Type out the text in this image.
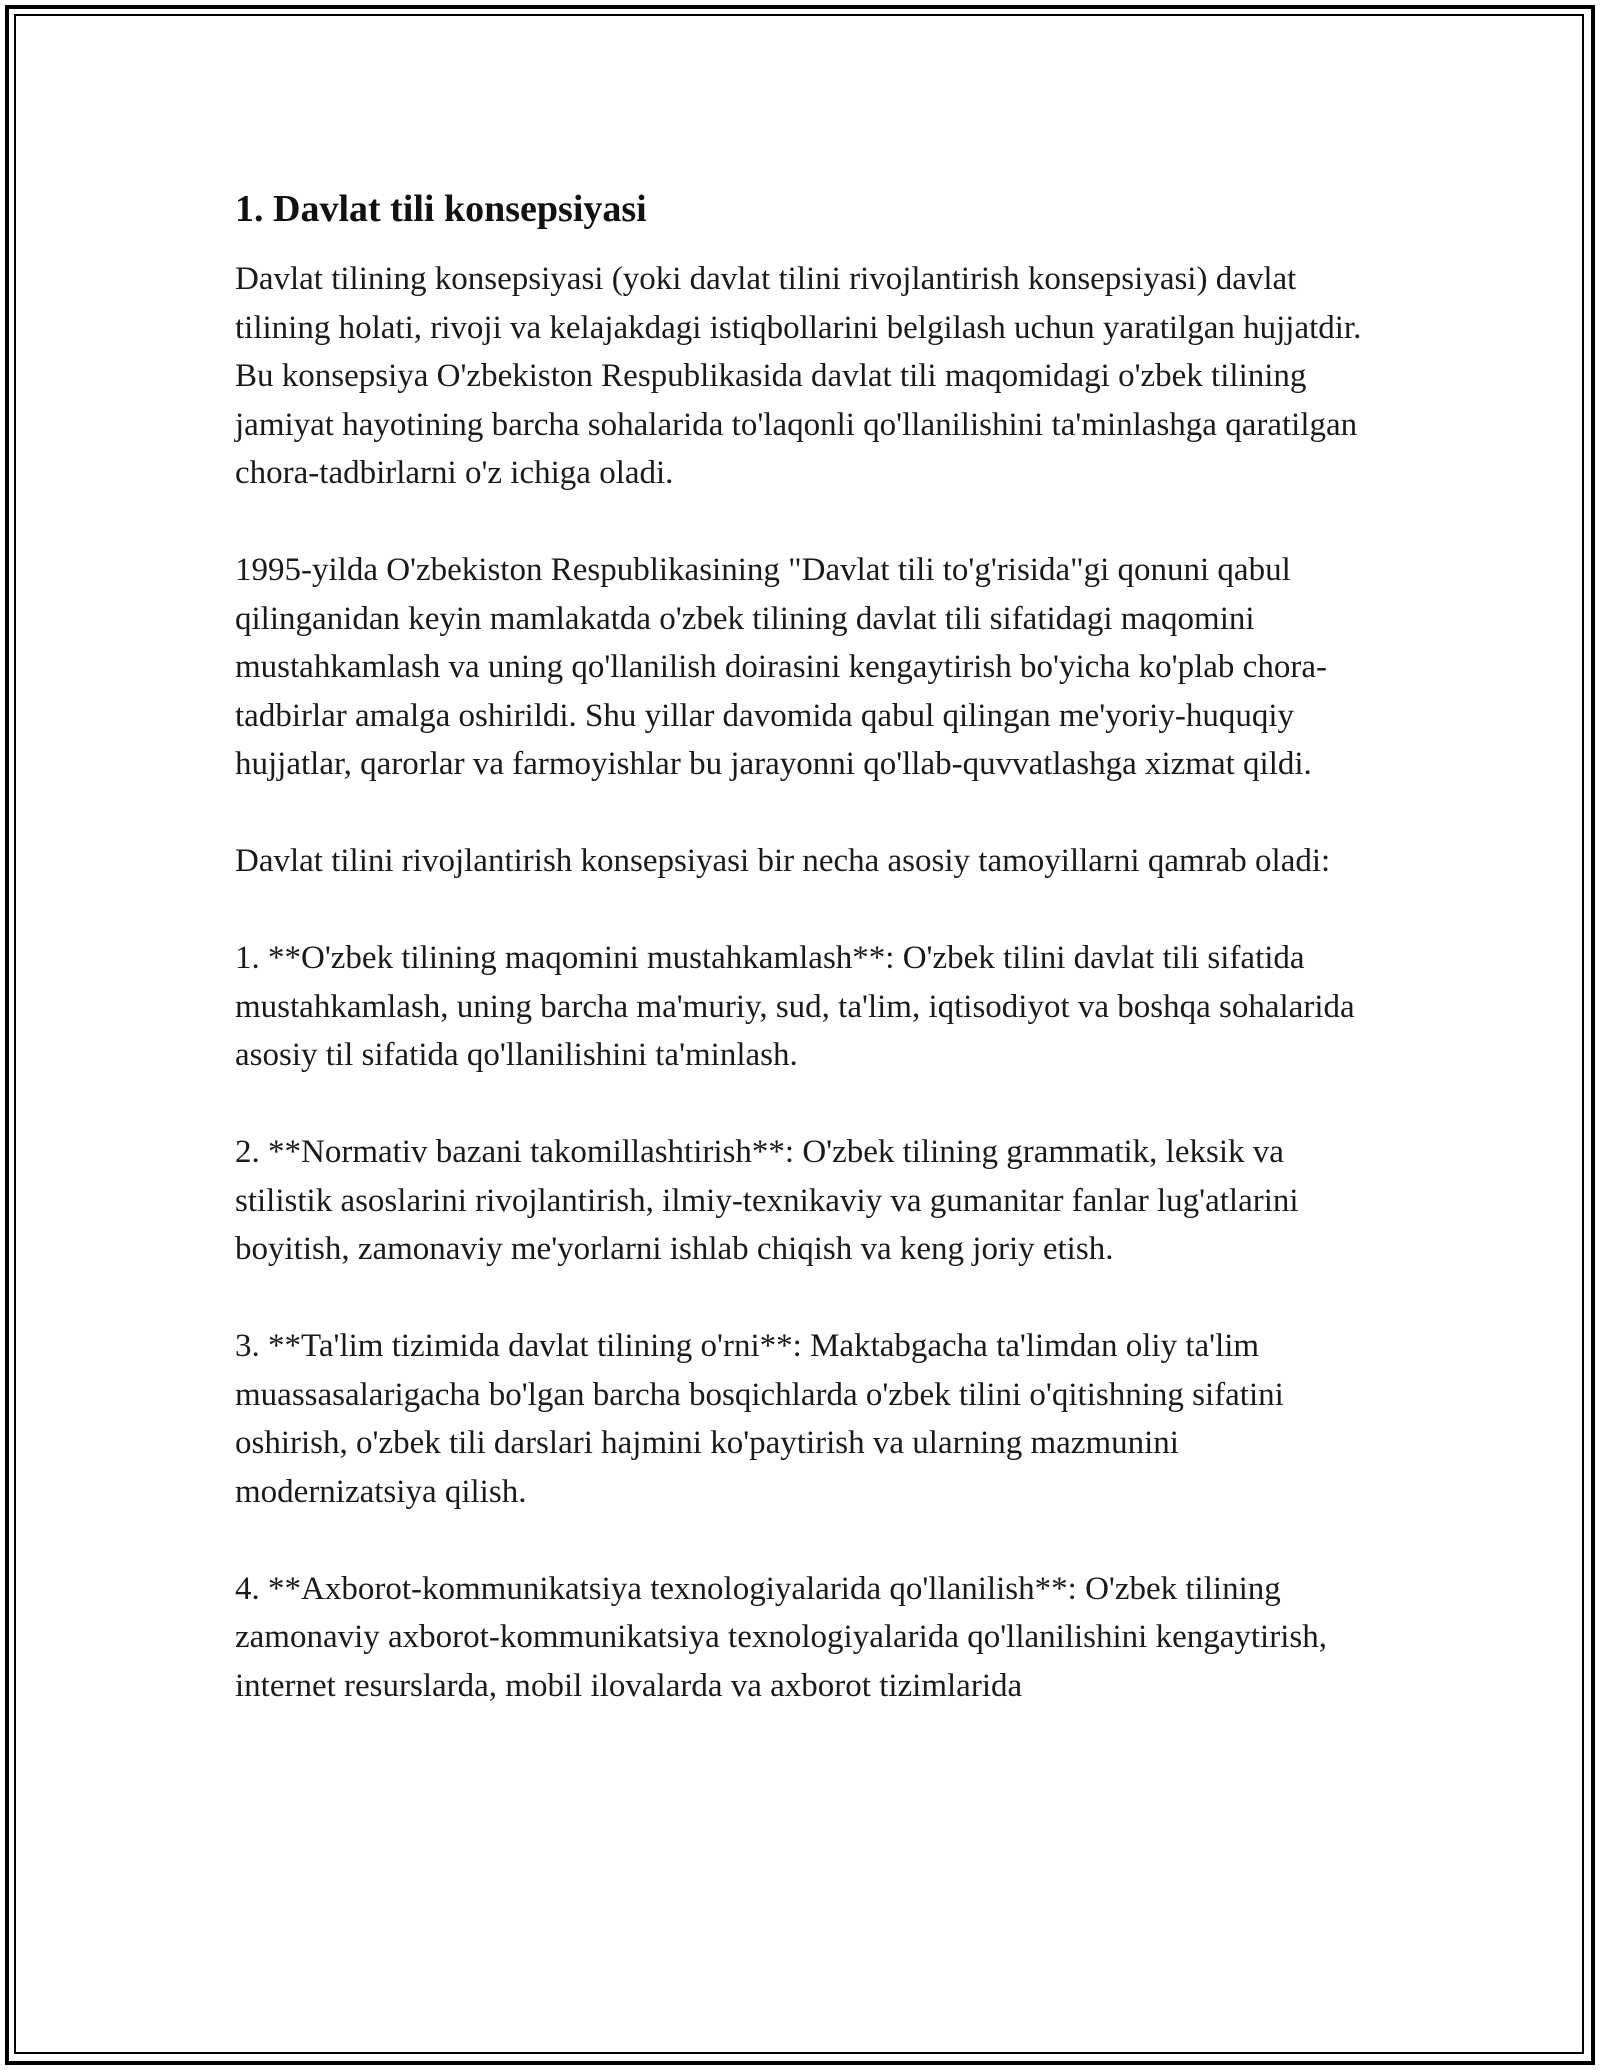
1. Davlat tili konsepsiyasi

Davlat tilining konsepsiyasi (yoki davlat tilini rivojlantirish konsepsiyasi) davlat tilining holati, rivoji va kelajakdagi istiqbollarini belgilash uchun yaratilgan hujjatdir. Bu konsepsiya O'zbekiston Respublikasida davlat tili maqomidagi o'zbek tilining jamiyat hayotining barcha sohalarida to'laqonli qo'llanilishini ta'minlashga qaratilgan chora-tadbirlarni o'z ichiga oladi.

1995-yilda O'zbekiston Respublikasining "Davlat tili to'g'risida"gi qonuni qabul qilinganidan keyin mamlakatda o'zbek tilining davlat tili sifatidagi maqomini mustahkamlash va uning qo'llanilish doirasini kengaytirish bo'yicha ko'plab chora-tadbirlar amalga oshirildi. Shu yillar davomida qabul qilingan me'yoriy-huquqiy hujjatlar, qarorlar va farmoyishlar bu jarayonni qo'llab-quvvatlashga xizmat qildi.

Davlat tilini rivojlantirish konsepsiyasi bir necha asosiy tamoyillarni qamrab oladi:

1. **O'zbek tilining maqomini mustahkamlash**: O'zbek tilini davlat tili sifatida mustahkamlash, uning barcha ma'muriy, sud, ta'lim, iqtisodiyot va boshqa sohalarida asosiy til sifatida qo'llanilishini ta'minlash.

2. **Normativ bazani takomillashtirish**: O'zbek tilining grammatik, leksik va stilistik asoslarini rivojlantirish, ilmiy-texnikaviy va gumanitar fanlar lug'atlarini boyitish, zamonaviy me'yorlarni ishlab chiqish va keng joriy etish.

3. **Ta'lim tizimida davlat tilining o'rni**: Maktabgacha ta'limdan oliy ta'lim muassasalarigacha bo'lgan barcha bosqichlarda o'zbek tilini o'qitishning sifatini oshirish, o'zbek tili darslari hajmini ko'paytirish va ularning mazmunini modernizatsiya qilish.

4. **Axborot-kommunikatsiya texnologiyalarida qo'llanilish**: O'zbek tilining zamonaviy axborot-kommunikatsiya texnologiyalarida qo'llanilishini kengaytirish, internet resurslarda, mobil ilovalarda va axborot tizimlarida
